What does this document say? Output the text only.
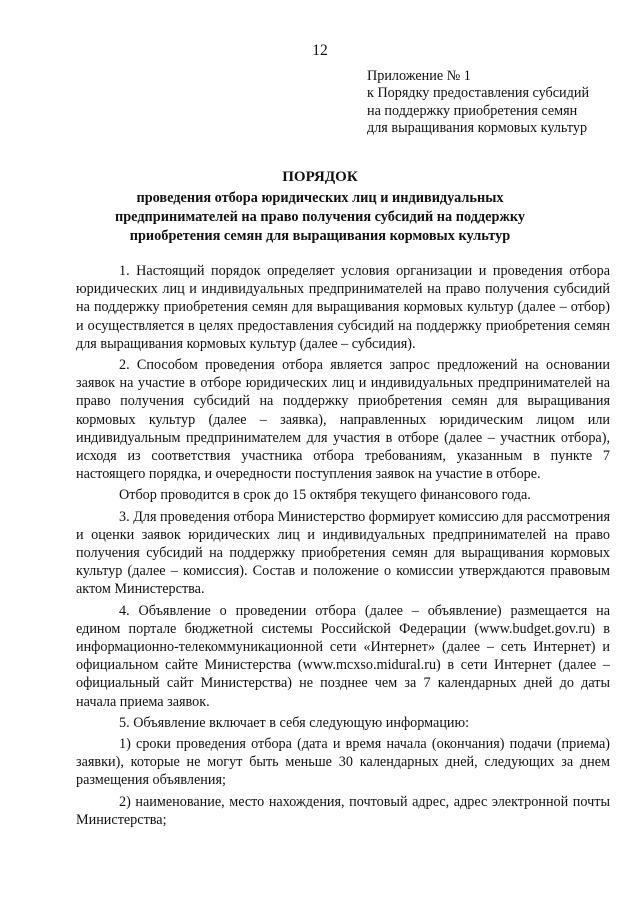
12
Приложение № 1
к Порядку предоставления субсидий
на поддержку приобретения семян
для выращивания кормовых культур
ПОРЯДОК
проведения отбора юридических лиц и индивидуальных
предпринимателей на право получения субсидий на поддержку
приобретения семян для выращивания кормовых культур

1. Настоящий порядок определяет условия организации и проведения отбора юридических лиц и индивидуальных предпринимателей на право получения субсидий на поддержку приобретения семян для выращивания кормовых культур (далее – отбор) и осуществляется в целях предоставления субсидий на поддержку приобретения семян для выращивания кормовых культур (далее – субсидия).

2. Способом проведения отбора является запрос предложений на основании заявок на участие в отборе юридических лиц и индивидуальных предпринимателей на право получения субсидий на поддержку приобретения семян для выращивания кормовых культур (далее – заявка), направленных юридическим лицом или индивидуальным предпринимателем для участия в отборе (далее – участник отбора), исходя из соответствия участника отбора требованиям, указанным в пункте 7 настоящего порядка, и очередности поступления заявок на участие в отборе.

Отбор проводится в срок до 15 октября текущего финансового года.

3. Для проведения отбора Министерство формирует комиссию для рассмотрения и оценки заявок юридических лиц и индивидуальных предпринимателей на право получения субсидий на поддержку приобретения семян для выращивания кормовых культур (далее – комиссия). Состав и положение о комиссии утверждаются правовым актом Министерства.

4. Объявление о проведении отбора (далее – объявление) размещается на едином портале бюджетной системы Российской Федерации (www.budget.gov.ru) в информационно-телекоммуникационной сети «Интернет» (далее – сеть Интернет) и официальном сайте Министерства (www.mcxso.midural.ru) в сети Интернет (далее – официальный сайт Министерства) не позднее чем за 7 календарных дней до даты начала приема заявок.

5. Объявление включает в себя следующую информацию:

1) сроки проведения отбора (дата и время начала (окончания) подачи (приема) заявки), которые не могут быть меньше 30 календарных дней, следующих за днем размещения объявления;

2) наименование, место нахождения, почтовый адрес, адрес электронной почты Министерства;
